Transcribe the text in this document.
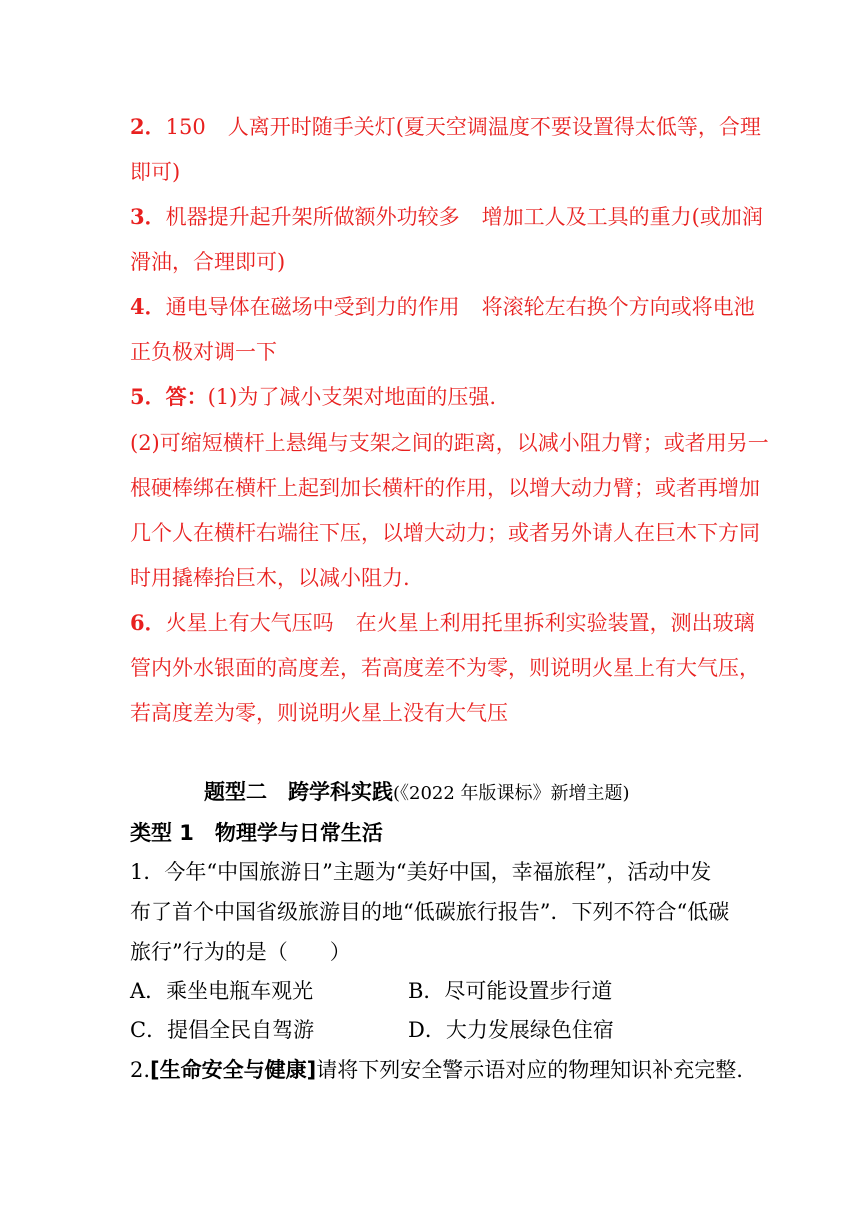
2．150 人离开时随手关灯(夏天空调温度不要设置得太低等，合理
即可)
3．机器提升起升架所做额外功较多 增加工人及工具的重力(或加润
滑油，合理即可)
4．通电导体在磁场中受到力的作用 将滚轮左右换个方向或将电池
正负极对调一下
5．答：(1)为了减小支架对地面的压强.
(2)可缩短横杆上悬绳与支架之间的距离，以减小阻力臂；或者用另一
根硬棒绑在横杆上起到加长横杆的作用，以增大动力臂；或者再增加
几个人在横杆右端往下压，以增大动力；或者另外请人在巨木下方同
时用撬棒抬巨木，以减小阻力.
6．火星上有大气压吗 在火星上利用托里拆利实验装置，测出玻璃
管内外水银面的高度差，若高度差不为零，则说明火星上有大气压，
若高度差为零，则说明火星上没有大气压
题型二　跨学科实践(《2022 年版课标》新增主题)
类型 1　物理学与日常生活
1．今年“中国旅游日”主题为“美好中国，幸福旅程”，活动中发
布了首个中国省级旅游目的地“低碳旅行报告”．下列不符合“低碳
旅行”行为的是（　　）
A．乘坐电瓶车观光	B．尽可能设置步行道
C．提倡全民自驾游	D．大力发展绿色住宿
2.[生命安全与健康]请将下列安全警示语对应的物理知识补充完整.
